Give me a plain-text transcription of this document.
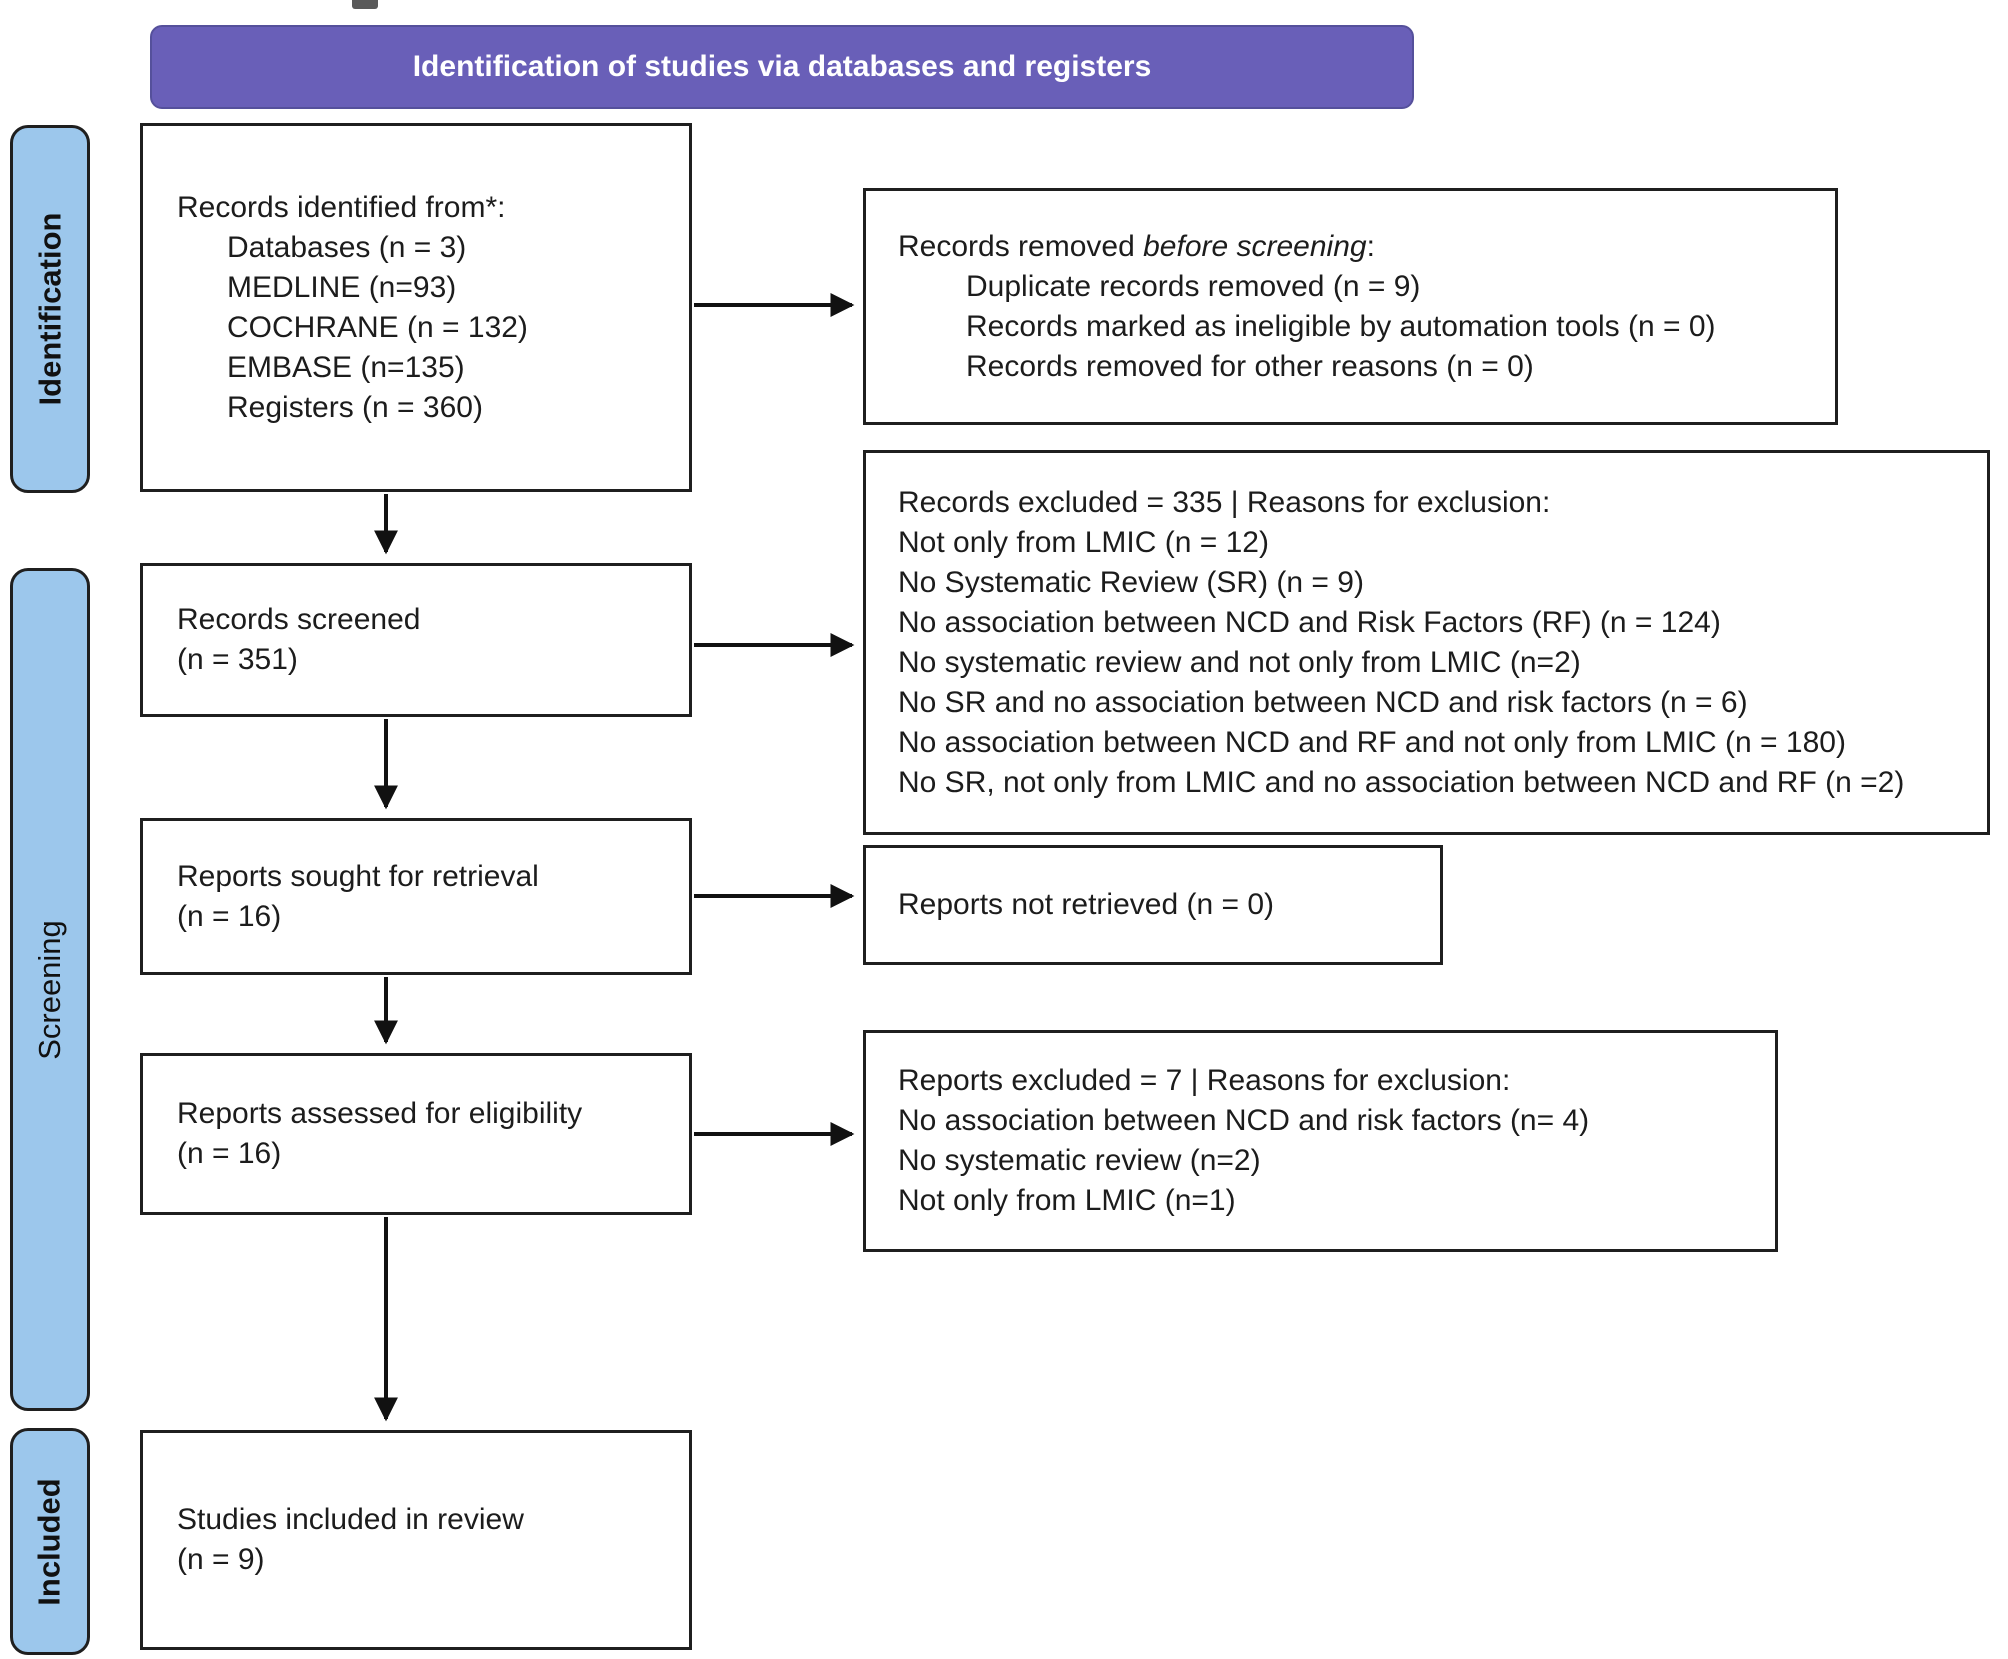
Identification of studies via databases and registers
Identification
Screening
Included
Records identified from*:
Databases (n = 3)
MEDLINE (n=93)
COCHRANE (n = 132)
EMBASE (n=135)
Registers (n = 360)
Records screened
(n = 351)
Reports sought for retrieval
(n = 16)
Reports assessed for eligibility
(n = 16)
Studies included in review
(n = 9)
Records removed before screening:
Duplicate records removed (n = 9)
Records marked as ineligible by automation tools (n = 0)
Records removed for other reasons (n = 0)
Records excluded = 335 | Reasons for exclusion:
Not only from LMIC (n = 12)
No Systematic Review (SR) (n = 9)
No association between NCD and Risk Factors (RF) (n = 124)
No systematic review and not only from LMIC (n=2)
No SR and no association between NCD and risk factors (n = 6)
No association between NCD and RF and not only from LMIC (n = 180)
No SR, not only from LMIC and no association between NCD and RF (n =2)
Reports not retrieved (n = 0)
Reports excluded = 7 | Reasons for exclusion:
No association between NCD and risk factors (n= 4)
No systematic review (n=2)
Not only from LMIC (n=1)
